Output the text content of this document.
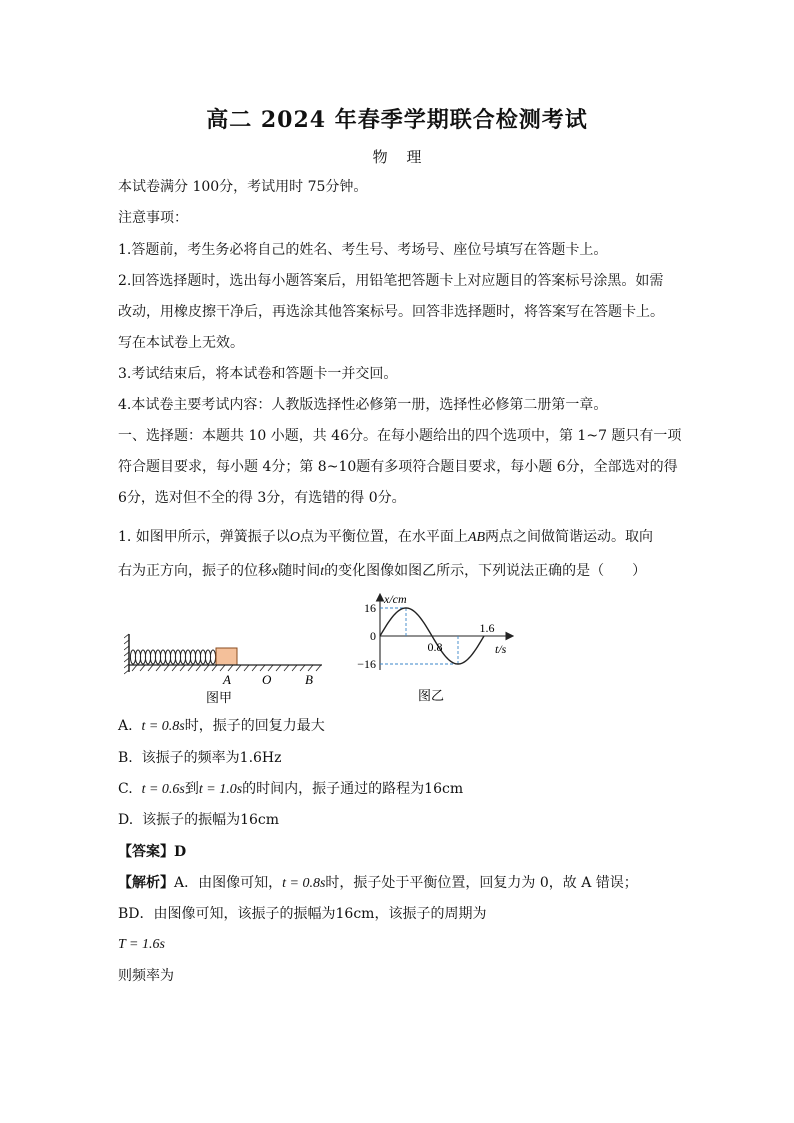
高二 2024 年春季学期联合检测考试
物 理
本试卷满分 100分，考试用时 75分钟。
注意事项：
1.答题前，考生务必将自己的姓名、考生号、考场号、座位号填写在答题卡上。
2.回答选择题时，选出每小题答案后，用铅笔把答题卡上对应题目的答案标号涂黑。如需
改动，用橡皮擦干净后，再选涂其他答案标号。回答非选择题时，将答案写在答题卡上。
写在本试卷上无效。
3.考试结束后，将本试卷和答题卡一并交回。
4.本试卷主要考试内容：人教版选择性必修第一册，选择性必修第二册第一章。
一、选择题：本题共 10 小题，共 46分。在每小题给出的四个选项中，第 1~7 题只有一项
符合题目要求，每小题 4分；第 8~10题有多项符合题目要求，每小题 6分，全部选对的得
6分，选对但不全的得 3分，有选错的得 0分。
1. 如图甲所示，弹簧振子以O点为平衡位置，在水平面上AB两点之间做简谐运动。取向
右为正方向，振子的位移x随时间t的变化图像如图乙所示，下列说法正确的是（　　）
A O	B
图甲
x/cm
t/s
16
0
−16
0.8
1.6
图乙
A. t = 0.8s时，振子的回复力最大
B. 该振子的频率为1.6Hz
C. t = 0.6s到t = 1.0s的时间内，振子通过的路程为16cm
D. 该振子的振幅为16cm
【答案】D
【解析】A．由图像可知，t = 0.8s时，振子处于平衡位置，回复力为 0，故 A 错误；
BD．由图像可知，该振子的振幅为16cm，该振子的周期为
T = 1.6s
则频率为
